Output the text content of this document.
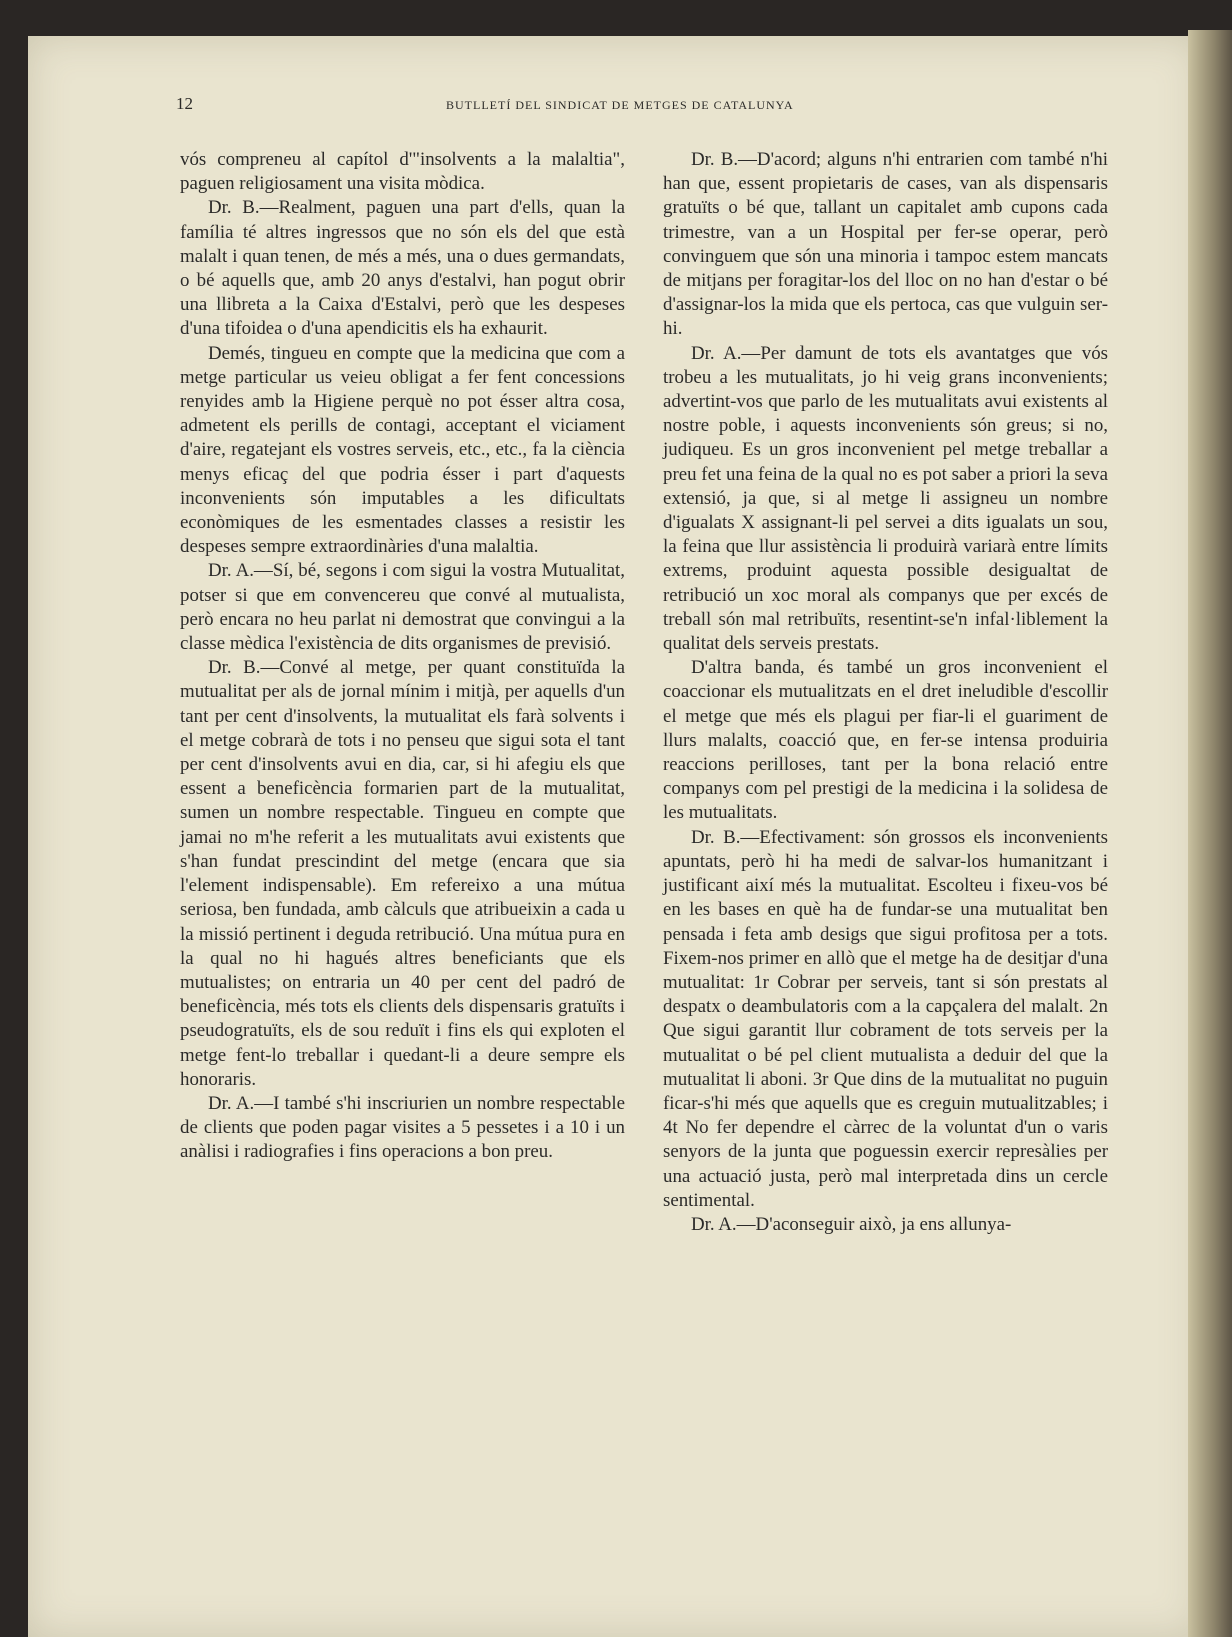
12	BUTLLETÍ DEL SINDICAT DE METGES DE CATALUNYA

vós compreneu al capítol d'"insolvents a la malaltia", paguen religiosament una visita mòdica.

Dr. B.—Realment, paguen una part d'ells, quan la família té altres ingressos que no són els del que està malalt i quan tenen, de més a més, una o dues germandats, o bé aquells que, amb 20 anys d'estalvi, han pogut obrir una llibreta a la Caixa d'Estalvi, però que les despeses d'una tifoidea o d'una apendicitis els ha exhaurit.

Demés, tingueu en compte que la medicina que com a metge particular us veieu obligat a fer fent concessions renyides amb la Higiene perquè no pot ésser altra cosa, admetent els perills de contagi, acceptant el viciament d'aire, regatejant els vostres serveis, etc., etc., fa la ciència menys eficaç del que podria ésser i part d'aquests inconvenients són imputables a les dificultats econòmiques de les esmentades classes a resistir les despeses sempre extraordinàries d'una malaltia.

Dr. A.—Sí, bé, segons i com sigui la vostra Mutualitat, potser si que em convencereu que convé al mutualista, però encara no heu parlat ni demostrat que convingui a la classe mèdica l'existència de dits organismes de previsió.

Dr. B.—Convé al metge, per quant constituïda la mutualitat per als de jornal mínim i mitjà, per aquells d'un tant per cent d'insolvents, la mutualitat els farà solvents i el metge cobrarà de tots i no penseu que sigui sota el tant per cent d'insolvents avui en dia, car, si hi afegiu els que essent a beneficència formarien part de la mutualitat, sumen un nombre respectable. Tingueu en compte que jamai no m'he referit a les mutualitats avui existents que s'han fundat prescindint del metge (encara que sia l'element indispensable). Em refereixo a una mútua seriosa, ben fundada, amb càlculs que atribueixin a cada u la missió pertinent i deguda retribució. Una mútua pura en la qual no hi hagués altres beneficiants que els mutualistes; on entraria un 40 per cent del padró de beneficència, més tots els clients dels dispensaris gratuïts i pseudogratuïts, els de sou reduït i fins els qui exploten el metge fent-lo treballar i quedant-li a deure sempre els honoraris.

Dr. A.—I també s'hi inscriurien un nombre respectable de clients que poden pagar visites a 5 pessetes i a 10 i un anàlisi i radiografies i fins operacions a bon preu.

Dr. B.—D'acord; alguns n'hi entrarien com també n'hi han que, essent propietaris de cases, van als dispensaris gratuïts o bé que, tallant un capitalet amb cupons cada trimestre, van a un Hospital per fer-se operar, però convinguem que són una minoria i tampoc estem mancats de mitjans per foragitar-los del lloc on no han d'estar o bé d'assignar-los la mida que els pertoca, cas que vulguin ser-hi.

Dr. A.—Per damunt de tots els avantatges que vós trobeu a les mutualitats, jo hi veig grans inconvenients; advertint-vos que parlo de les mutualitats avui existents al nostre poble, i aquests inconvenients són greus; si no, judiqueu. Es un gros inconvenient pel metge treballar a preu fet una feina de la qual no es pot saber a priori la seva extensió, ja que, si al metge li assigneu un nombre d'igualats X assignant-li pel servei a dits igualats un sou, la feina que llur assistència li produirà variarà entre límits extrems, produint aquesta possible desigualtat de retribució un xoc moral als companys que per excés de treball són mal retribuïts, resentint-se'n infal·liblement la qualitat dels serveis prestats.

D'altra banda, és també un gros inconvenient el coaccionar els mutualitzats en el dret ineludible d'escollir el metge que més els plagui per fiar-li el guariment de llurs malalts, coacció que, en fer-se intensa produiria reaccions perilloses, tant per la bona relació entre companys com pel prestigi de la medicina i la solidesa de les mutualitats.

Dr. B.—Efectivament: són grossos els inconvenients apuntats, però hi ha medi de salvar-los humanitzant i justificant així més la mutualitat. Escolteu i fixeu-vos bé en les bases en què ha de fundar-se una mutualitat ben pensada i feta amb desigs que sigui profitosa per a tots. Fixem-nos primer en allò que el metge ha de desitjar d'una mutualitat: 1r Cobrar per serveis, tant si són prestats al despatx o deambulatoris com a la capçalera del malalt. 2n Que sigui garantit llur cobrament de tots serveis per la mutualitat o bé pel client mutualista a deduir del que la mutualitat li aboni. 3r Que dins de la mutualitat no puguin ficar-s'hi més que aquells que es creguin mutualitzables; i 4t No fer dependre el càrrec de la voluntat d'un o varis senyors de la junta que poguessin exercir represàlies per una actuació justa, però mal interpretada dins un cercle sentimental.

Dr. A.—D'aconseguir això, ja ens allunya-
